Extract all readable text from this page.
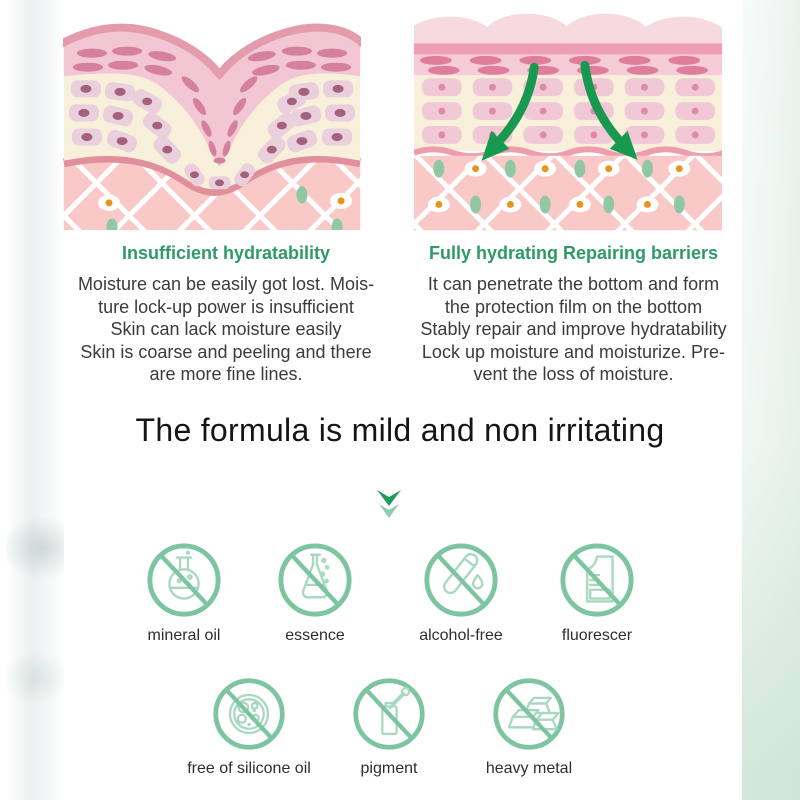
Insufficient hydratability
Moisture can be easily got lost. Mois-
ture lock-up power is insufficient
Skin can lack moisture easily
Skin is coarse and peeling and there
are more fine lines.
Fully hydrating Repairing barriers
It can penetrate the bottom and form
the protection film on the bottom
Stably repair and improve hydratability
Lock up moisture and moisturize. Pre-
vent the loss of moisture.
The formula is mild and non irritating
mineral oil	essence	alcohol-free	fluorescer
free of silicone oil	pigment	heavy metal
